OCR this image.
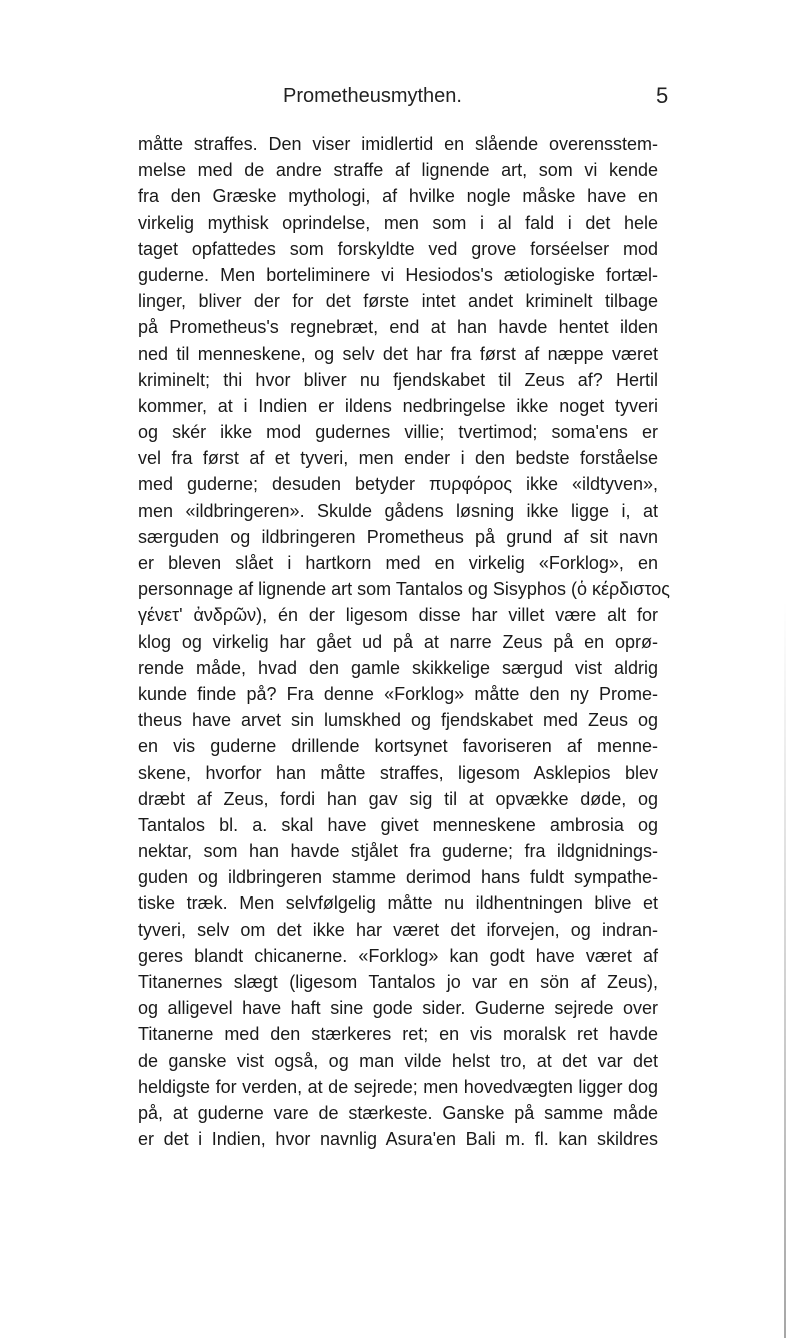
Prometheusmythen.	5
måtte straffes. Den viser imidlertid en slående overensstem-
melse med de andre straffe af lignende art, som vi kende
fra den Græske mythologi, af hvilke nogle måske have en
virkelig mythisk oprindelse, men som i al fald i det hele
taget opfattedes som forskyldte ved grove forséelser mod
guderne. Men borteliminere vi Hesiodos's ætiologiske fortæl-
linger, bliver der for det første intet andet kriminelt tilbage
på Prometheus's regnebræt, end at han havde hentet ilden
ned til menneskene, og selv det har fra først af næppe været
kriminelt; thi hvor bliver nu fjendskabet til Zeus af? Hertil
kommer, at i Indien er ildens nedbringelse ikke noget tyveri
og skér ikke mod gudernes villie; tvertimod; soma'ens er
vel fra først af et tyveri, men ender i den bedste forståelse
med guderne; desuden betyder πυρφόρος ikke «ildtyven»,
men «ildbringeren». Skulde gådens løsning ikke ligge i, at
særguden og ildbringeren Prometheus på grund af sit navn
er bleven slået i hartkorn med en virkelig «Forklog», en
personnage af lignende art som Tantalos og Sisyphos (ὁ κέρδιστος
γένετ' ἀνδρῶν), én der ligesom disse har villet være alt for
klog og virkelig har gået ud på at narre Zeus på en oprø-
rende måde, hvad den gamle skikkelige særgud vist aldrig
kunde finde på? Fra denne «Forklog» måtte den ny Prome-
theus have arvet sin lumskhed og fjendskabet med Zeus og
en vis guderne drillende kortsynet favoriseren af menne-
skene, hvorfor han måtte straffes, ligesom Asklepios blev
dræbt af Zeus, fordi han gav sig til at opvække døde, og
Tantalos bl. a. skal have givet menneskene ambrosia og
nektar, som han havde stjålet fra guderne; fra ildgnidnings-
guden og ildbringeren stamme derimod hans fuldt sympathe-
tiske træk. Men selvfølgelig måtte nu ildhentningen blive et
tyveri, selv om det ikke har været det iforvejen, og indran-
geres blandt chicanerne. «Forklog» kan godt have været af
Titanernes slægt (ligesom Tantalos jo var en sön af Zeus),
og alligevel have haft sine gode sider. Guderne sejrede over
Titanerne med den stærkeres ret; en vis moralsk ret havde
de ganske vist også, og man vilde helst tro, at det var det
heldigste for verden, at de sejrede; men hovedvægten ligger dog
på, at guderne vare de stærkeste. Ganske på samme måde
er det i Indien, hvor navnlig Asura'en Bali m. fl. kan skildres
